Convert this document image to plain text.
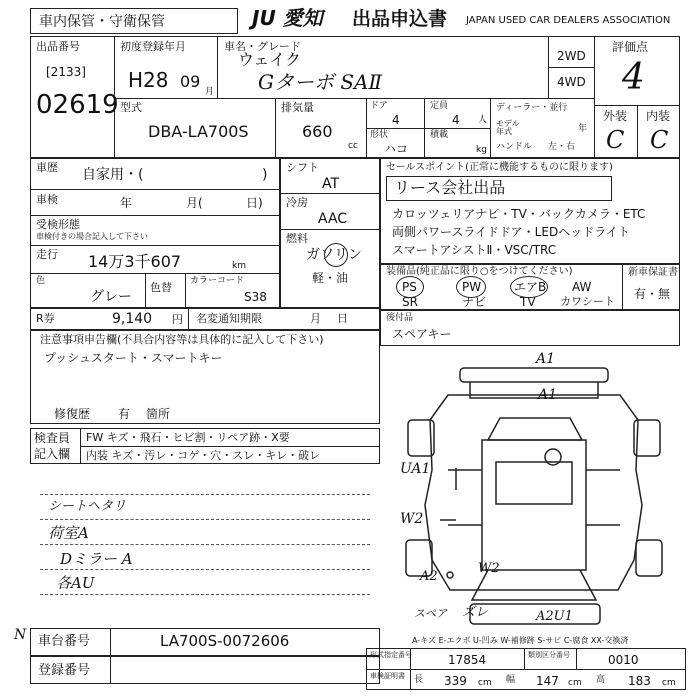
車内保管・守衛保管	JU 愛知 出品申込書 JAPAN USED CAR DEALERS ASSOCIATION
出品番号
[2133]
02619
初度登録年月
H28 09
月
車名・グレード
ウェイク
Gターボ SAⅡ
2WD
4WD
評価点
4
外装 内装
C C
型式
DBA-LA700S
排気量
660
cc
ドア
4
形状
ハコ
定員
4 人
積載
kg
ディーラー・並行
モデル年式	年
ハンドル 左・右
車歴 自家用・(	)
車検	年	月(	日)
受検形態
車検付きの場合記入して下さい
走行 14万3千607	km
色
グレー
色替 カラーコード
S38
シフト
AT
冷房
AAC
燃料
ガソリン
軽・油
セールスポイント(正常に機能するものに限ります)
リース会社出品
カロッツェリアナビ・TV・バックカメラ・ETC
両側パワースライドドア・LEDヘッドライト
スマートアシストⅡ・VSC/TRC
装備品(純正品に限り○をつけてください)
PS	PW	エアB AW
SR	ナビ	TV カワシート
新車保証書
有・無
R券	9,140 円 名変通知期限	月日
注意事項申告欄(不具合内容等は具体的に記入して下さい)
プッシュスタート・スマートキー
修復歴 有 箇所
後付品
スペアキー
検査員
記入欄
FW キズ・飛石・ヒビ割・リペア跡・X要
内装 キズ・汚レ・コゲ・穴・スレ・キレ・破レ
シートヘタリ
荷室A
Dミラー A
各AU
N
A1
A1
UA1
W2
A2
W2
スペア ズレ	A2U1
A-キズ E-エクボ U-凹み W-補修跡 S-サビ C-腐食 XX-交換済
車台番号	LA700S-0072606
登録番号
形式指定番号	17854	類別区分番号	0010
車検証明書 長 339 cm 幅 147 cm 高 183 cm
